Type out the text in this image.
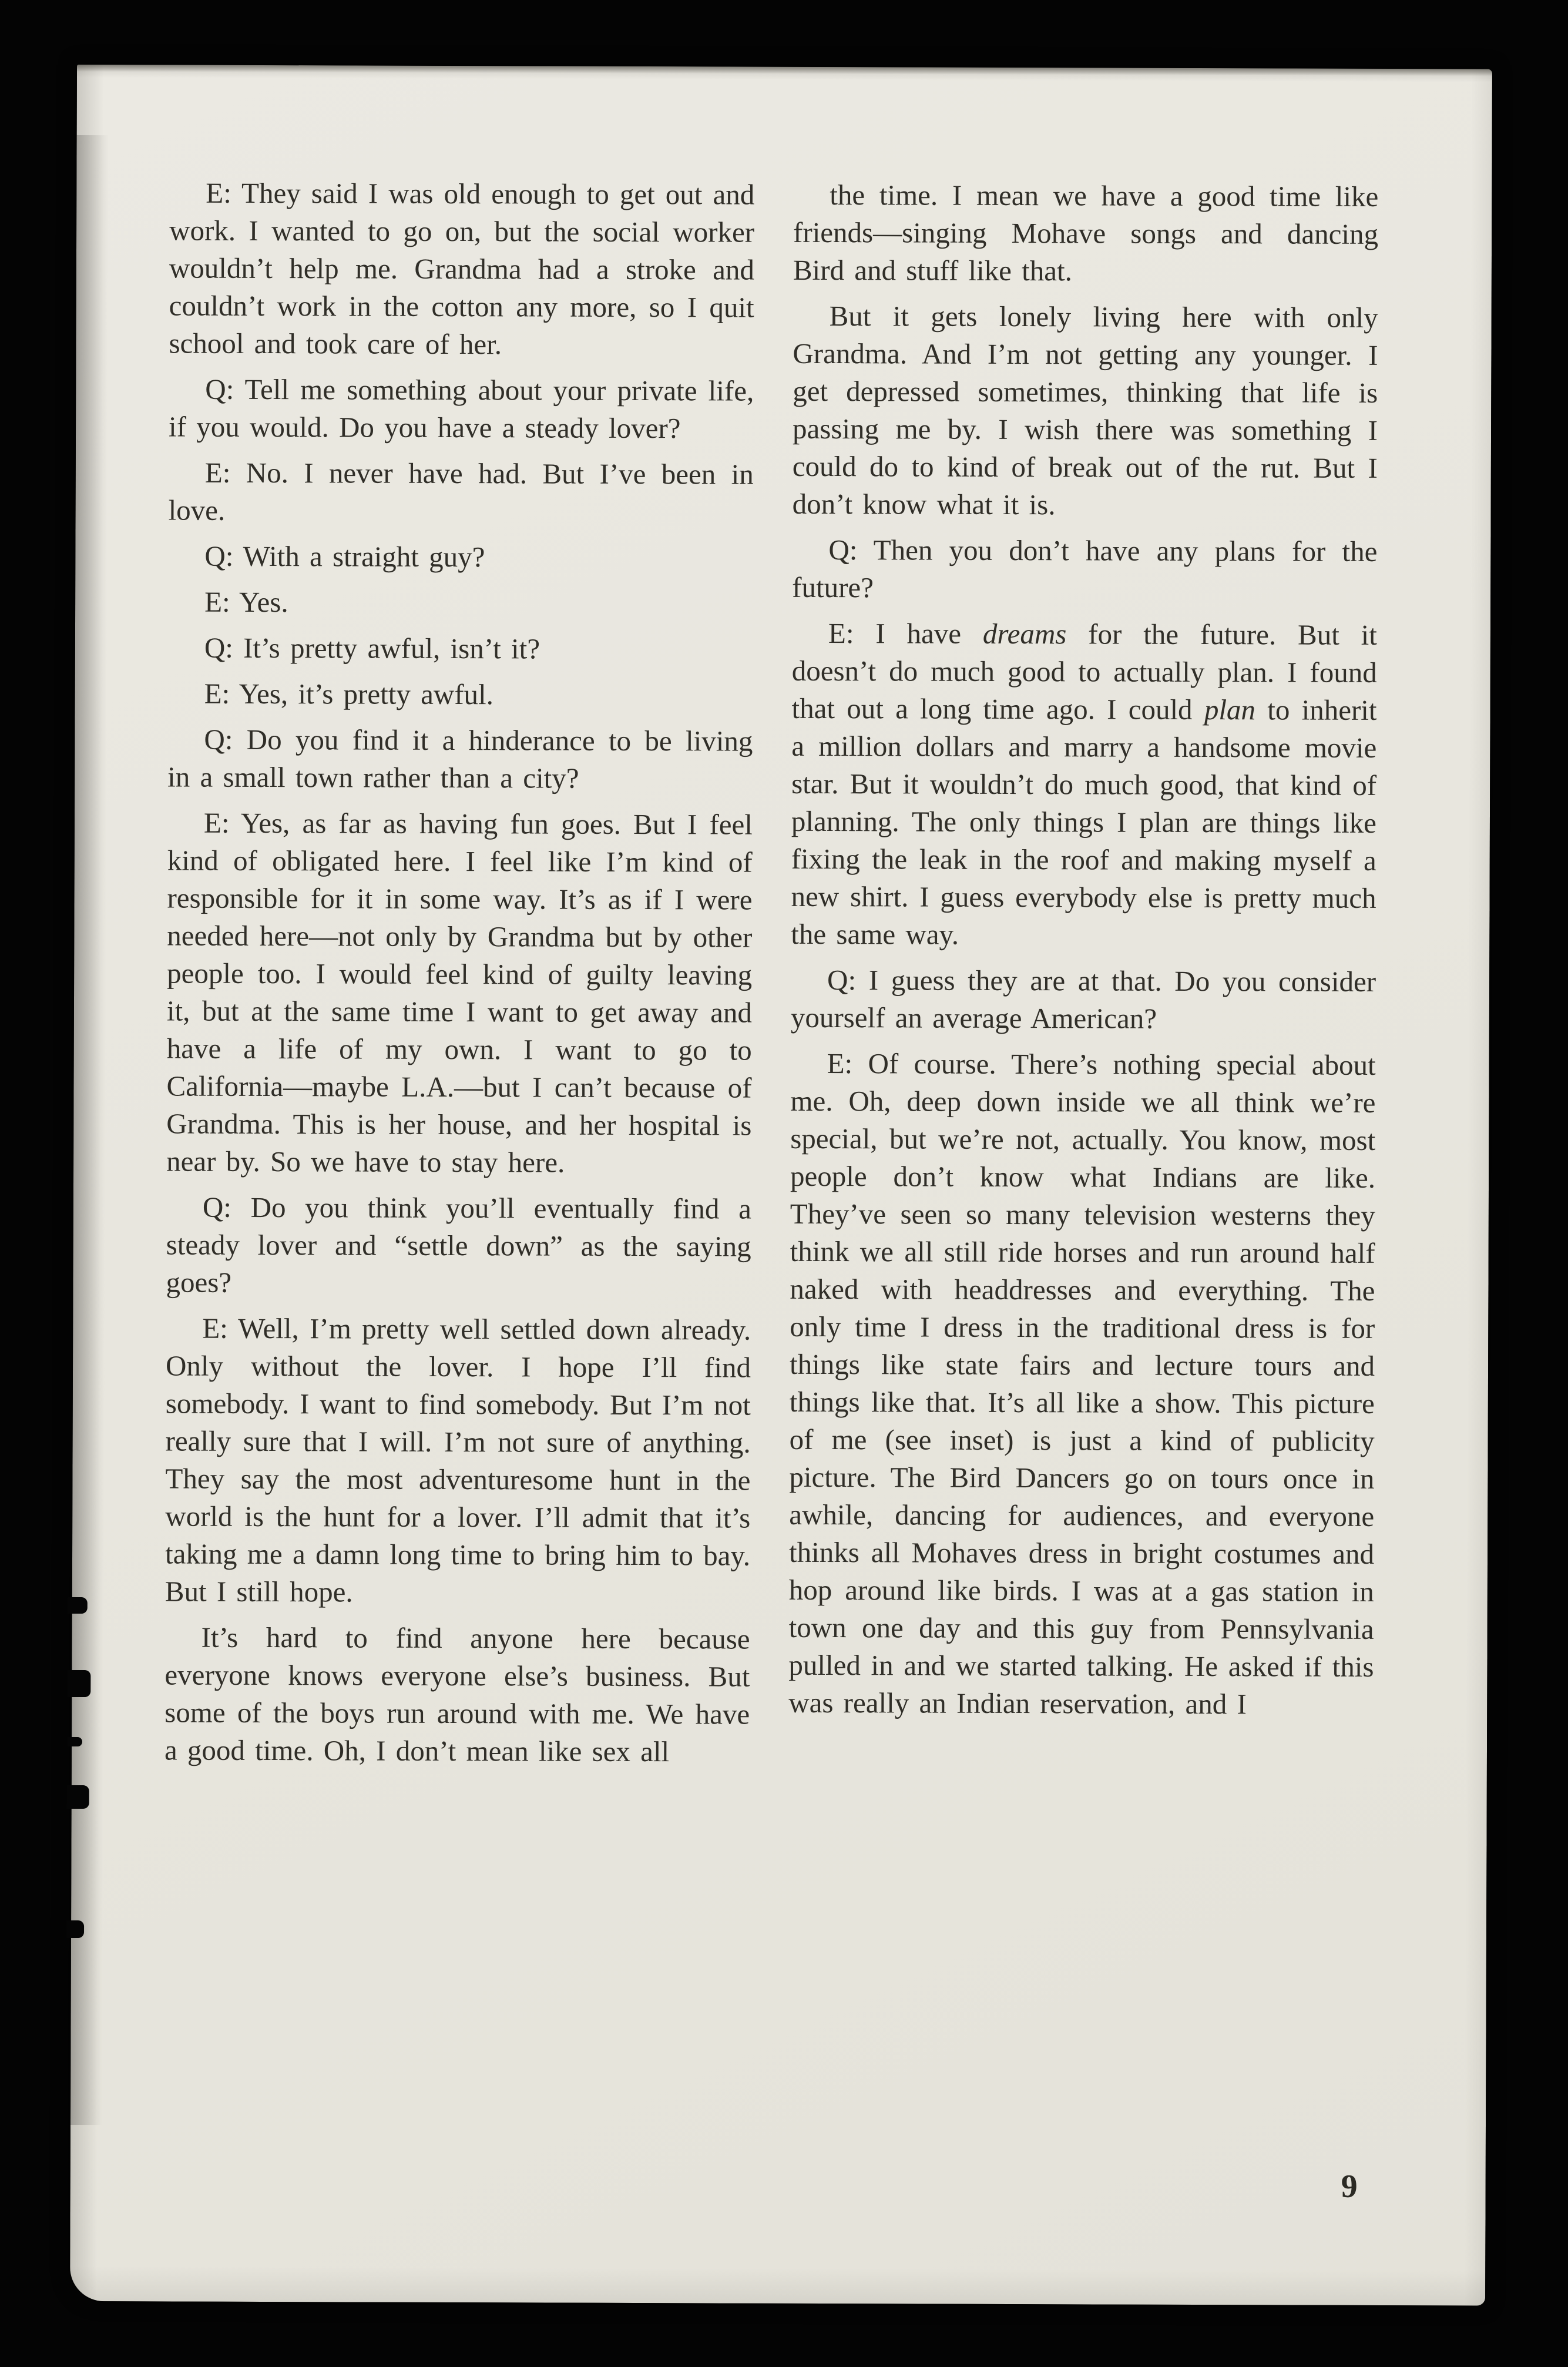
E: They said I was old enough to get out and work. I wanted to go on, but the social worker wouldn’t help me. Grandma had a stroke and couldn’t work in the cotton any more, so I quit school and took care of her.

Q: Tell me something about your private life, if you would. Do you have a steady lover?

E: No. I never have had. But I’ve been in love.

Q: With a straight guy?

E: Yes.

Q: It’s pretty awful, isn’t it?

E: Yes, it’s pretty awful.

Q: Do you find it a hinderance to be living in a small town rather than a city?

E: Yes, as far as having fun goes. But I feel kind of obligated here. I feel like I’m kind of responsible for it in some way. It’s as if I were needed here—not only by Grandma but by other people too. I would feel kind of guilty leaving it, but at the same time I want to get away and have a life of my own. I want to go to California—maybe L.A.—but I can’t because of Grandma. This is her house, and her hospital is near by. So we have to stay here.

Q: Do you think you’ll eventually find a steady lover and “settle down” as the saying goes?

E: Well, I’m pretty well settled down already. Only without the lover. I hope I’ll find somebody. I want to find somebody. But I’m not really sure that I will. I’m not sure of anything. They say the most adventuresome hunt in the world is the hunt for a lover. I’ll admit that it’s taking me a damn long time to bring him to bay. But I still hope.

It’s hard to find anyone here because everyone knows everyone else’s business. But some of the boys run around with me. We have a good time. Oh, I don’t mean like sex all

the time. I mean we have a good time like friends—singing Mohave songs and dancing Bird and stuff like that.

But it gets lonely living here with only Grandma. And I’m not getting any younger. I get depressed sometimes, thinking that life is passing me by. I wish there was something I could do to kind of break out of the rut. But I don’t know what it is.

Q: Then you don’t have any plans for the future?

E: I have dreams for the future. But it doesn’t do much good to actually plan. I found that out a long time ago. I could plan to inherit a million dollars and marry a handsome movie star. But it wouldn’t do much good, that kind of planning. The only things I plan are things like fixing the leak in the roof and making myself a new shirt. I guess everybody else is pretty much the same way.

Q: I guess they are at that. Do you consider yourself an average American?

E: Of course. There’s nothing special about me. Oh, deep down inside we all think we’re special, but we’re not, actually. You know, most people don’t know what Indians are like. They’ve seen so many television westerns they think we all still ride horses and run around half naked with headdresses and everything. The only time I dress in the traditional dress is for things like state fairs and lecture tours and things like that. It’s all like a show. This picture of me (see inset) is just a kind of publicity picture. The Bird Dancers go on tours once in awhile, dancing for audiences, and everyone thinks all Mohaves dress in bright costumes and hop around like birds. I was at a gas station in town one day and this guy from Pennsylvania pulled in and we started talking. He asked if this was really an Indian reservation, and I

9
